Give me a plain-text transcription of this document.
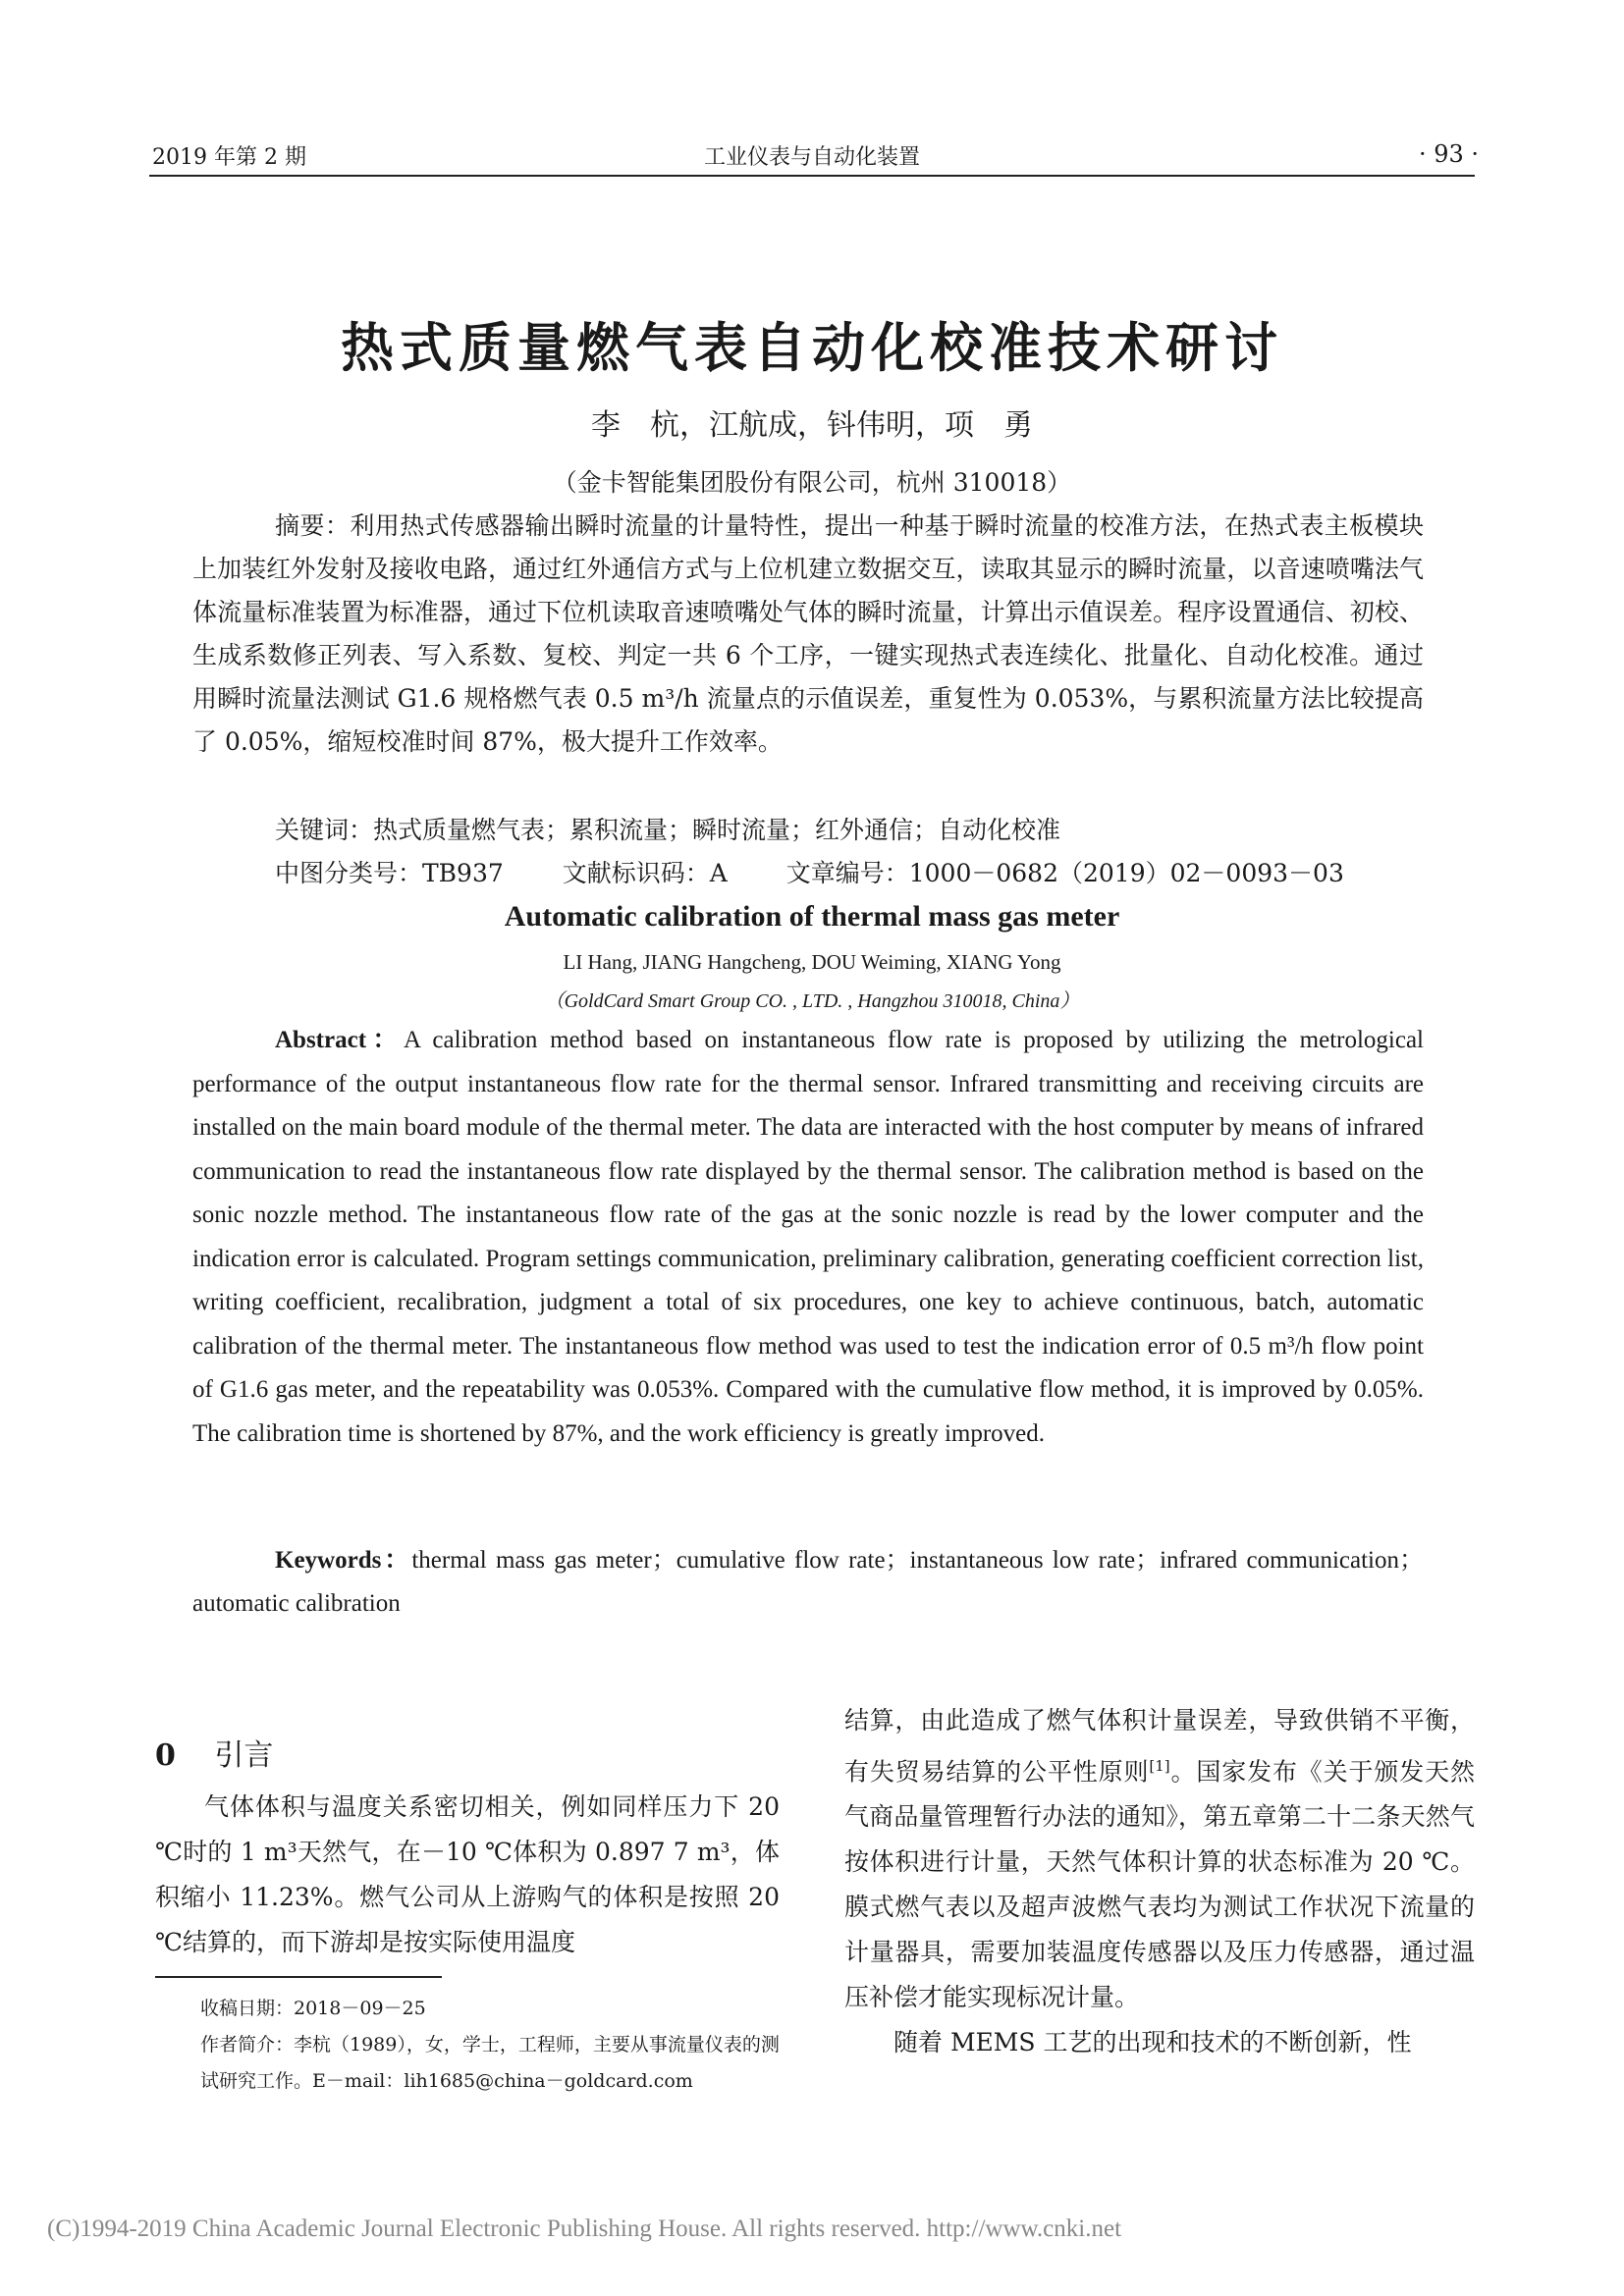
2019 年第 2 期	工业仪表与自动化装置	· 93 ·
热式质量燃气表自动化校准技术研讨
李　杭，江航成，钭伟明，项　勇
（金卡智能集团股份有限公司，杭州 310018）
摘要：利用热式传感器输出瞬时流量的计量特性，提出一种基于瞬时流量的校准方法，在热式表主板模块上加装红外发射及接收电路，通过红外通信方式与上位机建立数据交互，读取其显示的瞬时流量，以音速喷嘴法气体流量标准装置为标准器，通过下位机读取音速喷嘴处气体的瞬时流量，计算出示值误差。程序设置通信、初校、生成系数修正列表、写入系数、复校、判定一共 6 个工序，一键实现热式表连续化、批量化、自动化校准。通过用瞬时流量法测试 G1.6 规格燃气表 0.5 m³/h 流量点的示值误差，重复性为 0.053%，与累积流量方法比较提高了 0.05%，缩短校准时间 87%，极大提升工作效率。
关键词：热式质量燃气表；累积流量；瞬时流量；红外通信；自动化校准
中图分类号：TB937 文献标识码：A 文章编号：1000－0682（2019）02－0093－03
Automatic calibration of thermal mass gas meter
LI Hang, JIANG Hangcheng, DOU Weiming, XIANG Yong
（GoldCard Smart Group CO. , LTD. , Hangzhou 310018, China）
Abstract：A calibration method based on instantaneous flow rate is proposed by utilizing the metrological performance of the output instantaneous flow rate for the thermal sensor. Infrared transmitting and receiving circuits are installed on the main board module of the thermal meter. The data are interacted with the host computer by means of infrared communication to read the instantaneous flow rate displayed by the thermal sensor. The calibration method is based on the sonic nozzle method. The instantaneous flow rate of the gas at the sonic nozzle is read by the lower computer and the indication error is calculated. Program settings communication, preliminary calibration, generating coefficient correction list, writing coefficient, recalibration, judgment a total of six procedures, one key to achieve continuous, batch, automatic calibration of the thermal meter. The instantaneous flow method was used to test the indication error of 0.5 m³/h flow point of G1.6 gas meter, and the repeatability was 0.053%. Compared with the cumulative flow method, it is improved by 0.05%. The calibration time is shortened by 87%, and the work efficiency is greatly improved.
Keywords：thermal mass gas meter；cumulative flow rate；instantaneous low rate；infrared communication；automatic calibration
0　 引言
气体体积与温度关系密切相关，例如同样压力下 20 ℃时的 1 m³天然气，在－10 ℃体积为 0.897 7 m³，体积缩小 11.23%。燃气公司从上游购气的体积是按照 20 ℃结算的，而下游却是按实际使用温度
收稿日期：2018－09－25
作者简介：李杭（1989），女，学士，工程师，主要从事流量仪表的测试研究工作。E－mail：lih1685@china－goldcard.com
结算，由此造成了燃气体积计量误差，导致供销不平衡，有失贸易结算的公平性原则[1]。国家发布《关于颁发天然气商品量管理暂行办法的通知》，第五章第二十二条天然气按体积进行计量，天然气体积计算的状态标准为 20 ℃。膜式燃气表以及超声波燃气表均为测试工作状况下流量的计量器具，需要加装温度传感器以及压力传感器，通过温压补偿才能实现标况计量。
随着 MEMS 工艺的出现和技术的不断创新，性
(C)1994-2019 China Academic Journal Electronic Publishing House. All rights reserved. http://www.cnki.net
